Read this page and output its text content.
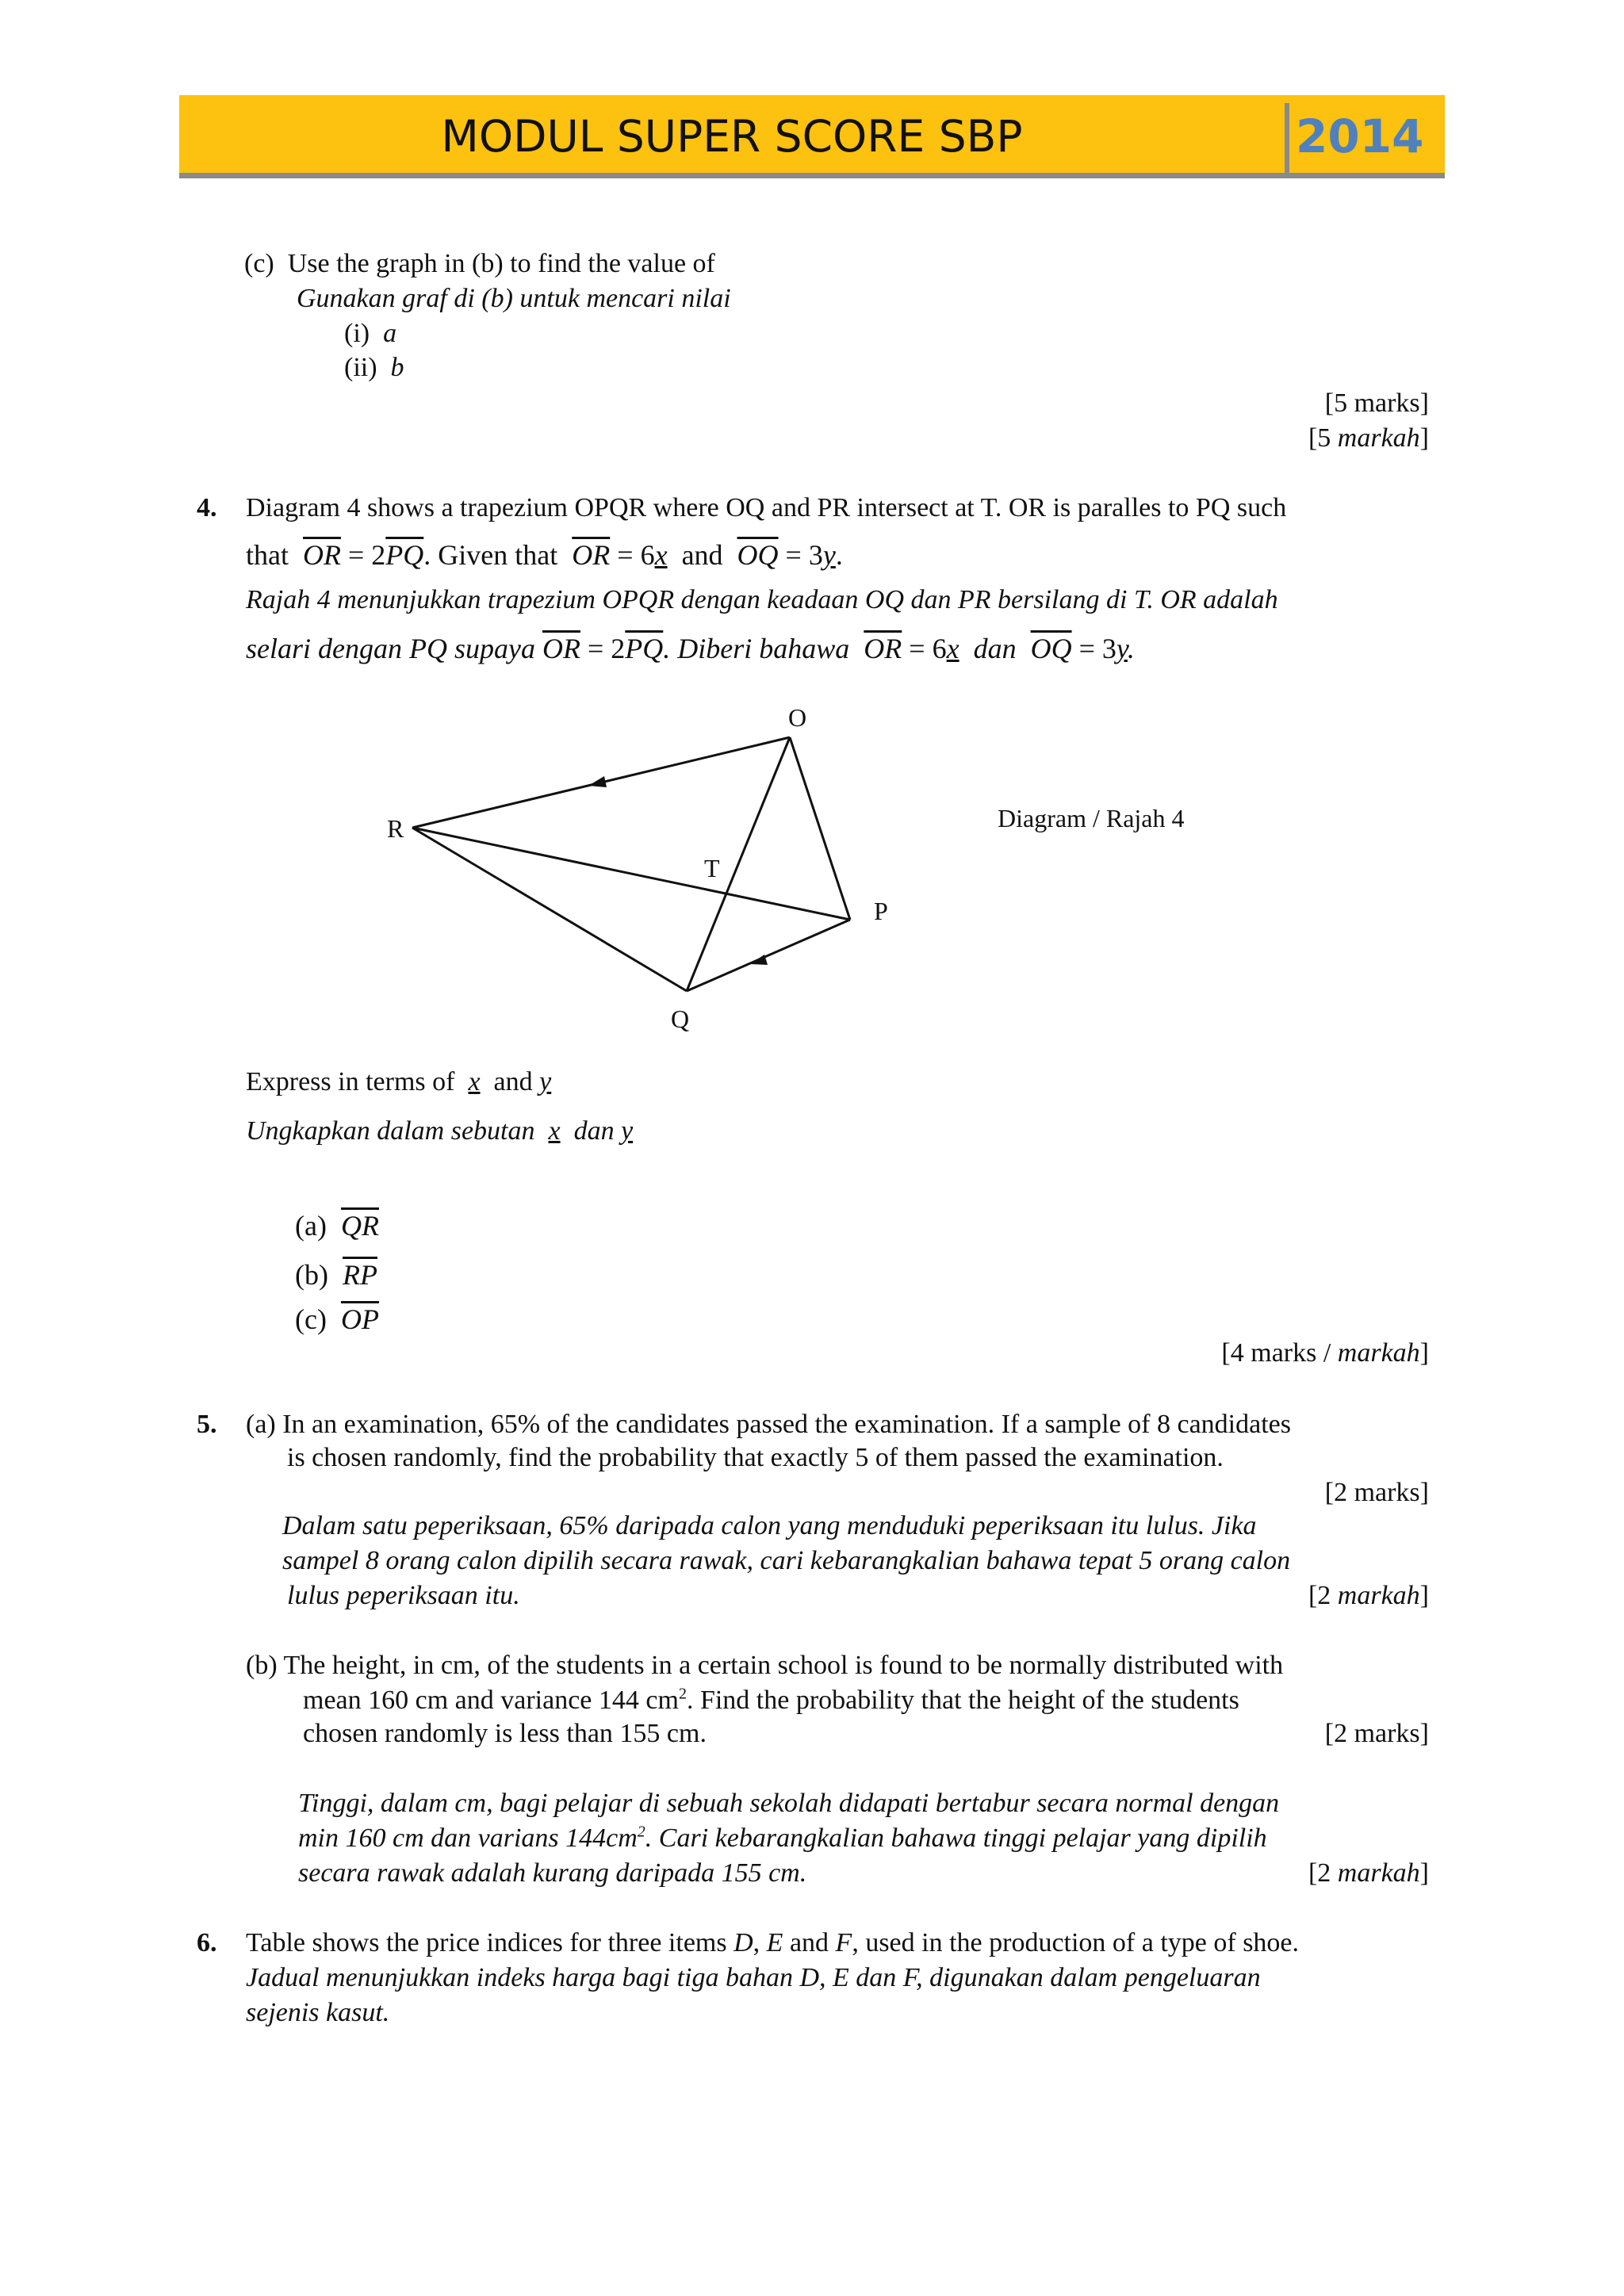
MODUL SUPER SCORE SBP	2014
(c) Use the graph in (b) to find the value of
Gunakan graf di (b) untuk mencari nilai
(i) a
(ii) b
[5 marks]
[5 markah]
4. Diagram 4 shows a trapezium OPQR where OQ and PR intersect at T. OR is paralles to PQ such
that $\overline{OR} = 2\overline{PQ}$. Given that $\overline{OR} = 6x$ and $\overline{OQ} = 3y$.
Rajah 4 menunjukkan trapezium OPQR dengan keadaan OQ dan PR bersilang di T. OR adalah
selari dengan PQ supaya $\overline{OR} = 2\overline{PQ}$. Diberi bahawa $\overline{OR} = 6x$ dan $\overline{OQ} = 3y$.
O
R
T
P
Q
Diagram / Rajah 4
Express in terms of x and y
Ungkapkan dalam sebutan x dan y
(a) $\overline{QR}$
(b) $\overline{RP}$
(c) $\overline{OP}$
[4 marks / markah]
5. (a) In an examination, 65% of the candidates passed the examination. If a sample of 8 candidates
is chosen randomly, find the probability that exactly 5 of them passed the examination.
[2 marks]
Dalam satu peperiksaan, 65% daripada calon yang menduduki peperiksaan itu lulus. Jika
sampel 8 orang calon dipilih secara rawak, cari kebarangkalian bahawa tepat 5 orang calon
lulus peperiksaan itu.	[2 markah]
(b) The height, in cm, of the students in a certain school is found to be normally distributed with
mean 160 cm and variance 144 $cm^2$. Find the probability that the height of the students
chosen randomly is less than 155 cm.	[2 marks]
Tinggi, dalam cm, bagi pelajar di sebuah sekolah didapati bertabur secara normal dengan
min 160 cm dan varians $144cm^2$. Cari kebarangkalian bahawa tinggi pelajar yang dipilih
secara rawak adalah kurang daripada 155 cm.	[2 markah]
6. Table shows the price indices for three items D, E and F, used in the production of a type of shoe.
Jadual menunjukkan indeks harga bagi tiga bahan D, E dan F, digunakan dalam pengeluaran
sejenis kasut.
